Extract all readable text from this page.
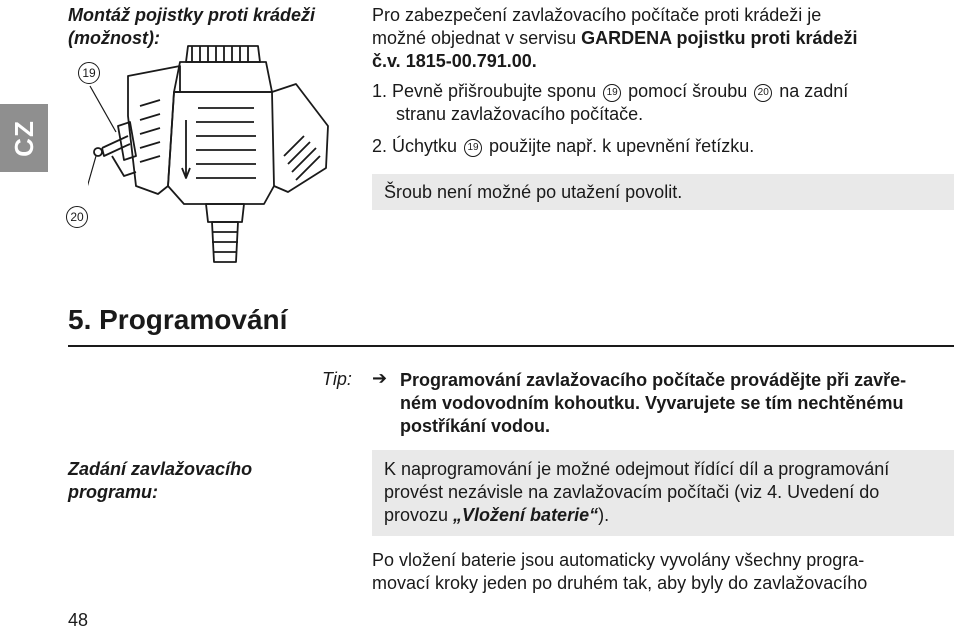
CZ
Montáž pojistky proti krádeži
(možnost):
19
20
Pro zabezpečení zavlažovacího počítače proti krádeži je
možné objednat v servisu GARDENA pojistku proti krádeži
č.v. 1815-00.791.00.
1. Pevně přišroubujte sponu 19 pomocí šroubu 20 na zadní
stranu zavlažovacího počítače.
2. Úchytku 19 použijte např. k upevnění řetízku.
Šroub není možné po utažení povolit.
5. Programování
Tip: ➔ Programování zavlažovacího počítače provádějte při zavře-
ném vodovodním kohoutku. Vyvarujete se tím nechtěnému
postříkání vodou.
Zadání zavlažovacího
programu:
K naprogramování je možné odejmout řídící díl a programování
provést nezávisle na zavlažovacím počítači (viz 4. Uvedení do
provozu „Vložení baterie“).
Po vložení baterie jsou automaticky vyvolány všechny progra-
movací kroky jeden po druhém tak, aby byly do zavlažovacího
48
